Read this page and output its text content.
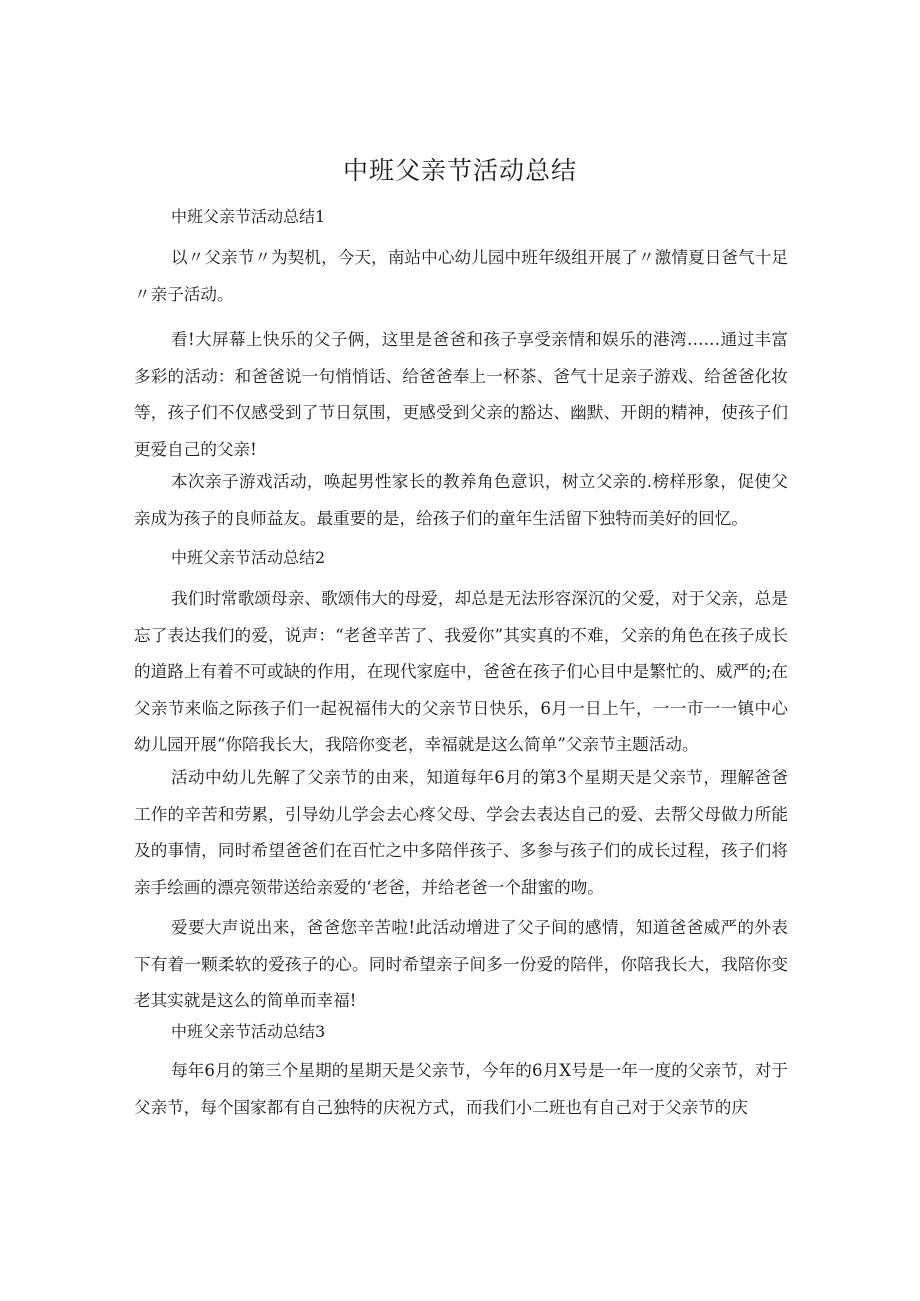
中班父亲节活动总结
中班父亲节活动总结1

以〃父亲节〃为契机，今天，南站中心幼儿园中班年级组开展了〃激情夏日爸气十足〃亲子活动。

看!大屏幕上快乐的父子俩，这里是爸爸和孩子享受亲情和娱乐的港湾……通过丰富多彩的活动：和爸爸说一句悄悄话、给爸爸奉上一杯茶、爸气十足亲子游戏、给爸爸化妆等，孩子们不仅感受到了节日氛围，更感受到父亲的豁达、幽默、开朗的精神，使孩子们更爱自己的父亲!

本次亲子游戏活动，唤起男性家长的教养角色意识，树立父亲的.榜样形象，促使父亲成为孩子的良师益友。最重要的是，给孩子们的童年生活留下独特而美好的回忆。

中班父亲节活动总结2

我们时常歌颂母亲、歌颂伟大的母爱，却总是无法形容深沉的父爱，对于父亲，总是忘了表达我们的爱，说声：“老爸辛苦了、我爱你”其实真的不难，父亲的角色在孩子成长的道路上有着不可或缺的作用，在现代家庭中，爸爸在孩子们心目中是繁忙的、威严的;在父亲节来临之际孩子们一起祝福伟大的父亲节日快乐，6月一日上午，一一市一一镇中心幼儿园开展“你陪我长大，我陪你变老，幸福就是这么简单”父亲节主题活动。

活动中幼儿先解了父亲节的由来，知道每年6月的第3个星期天是父亲节，理解爸爸工作的辛苦和劳累，引导幼儿学会去心疼父母、学会去表达自己的爱、去帮父母做力所能及的事情，同时希望爸爸们在百忙之中多陪伴孩子、多参与孩子们的成长过程，孩子们将亲手绘画的漂亮领带送给亲爱的‘老爸，并给老爸一个甜蜜的吻。

爱要大声说出来，爸爸您辛苦啦!此活动增进了父子间的感情，知道爸爸威严的外表下有着一颗柔软的爱孩子的心。同时希望亲子间多一份爱的陪伴，你陪我长大，我陪你变老其实就是这么的简单而幸福!

中班父亲节活动总结3

每年6月的第三个星期的星期天是父亲节，今年的6月X号是一年一度的父亲节，对于父亲节，每个国家都有自己独特的庆祝方式，而我们小二班也有自己对于父亲节的庆
